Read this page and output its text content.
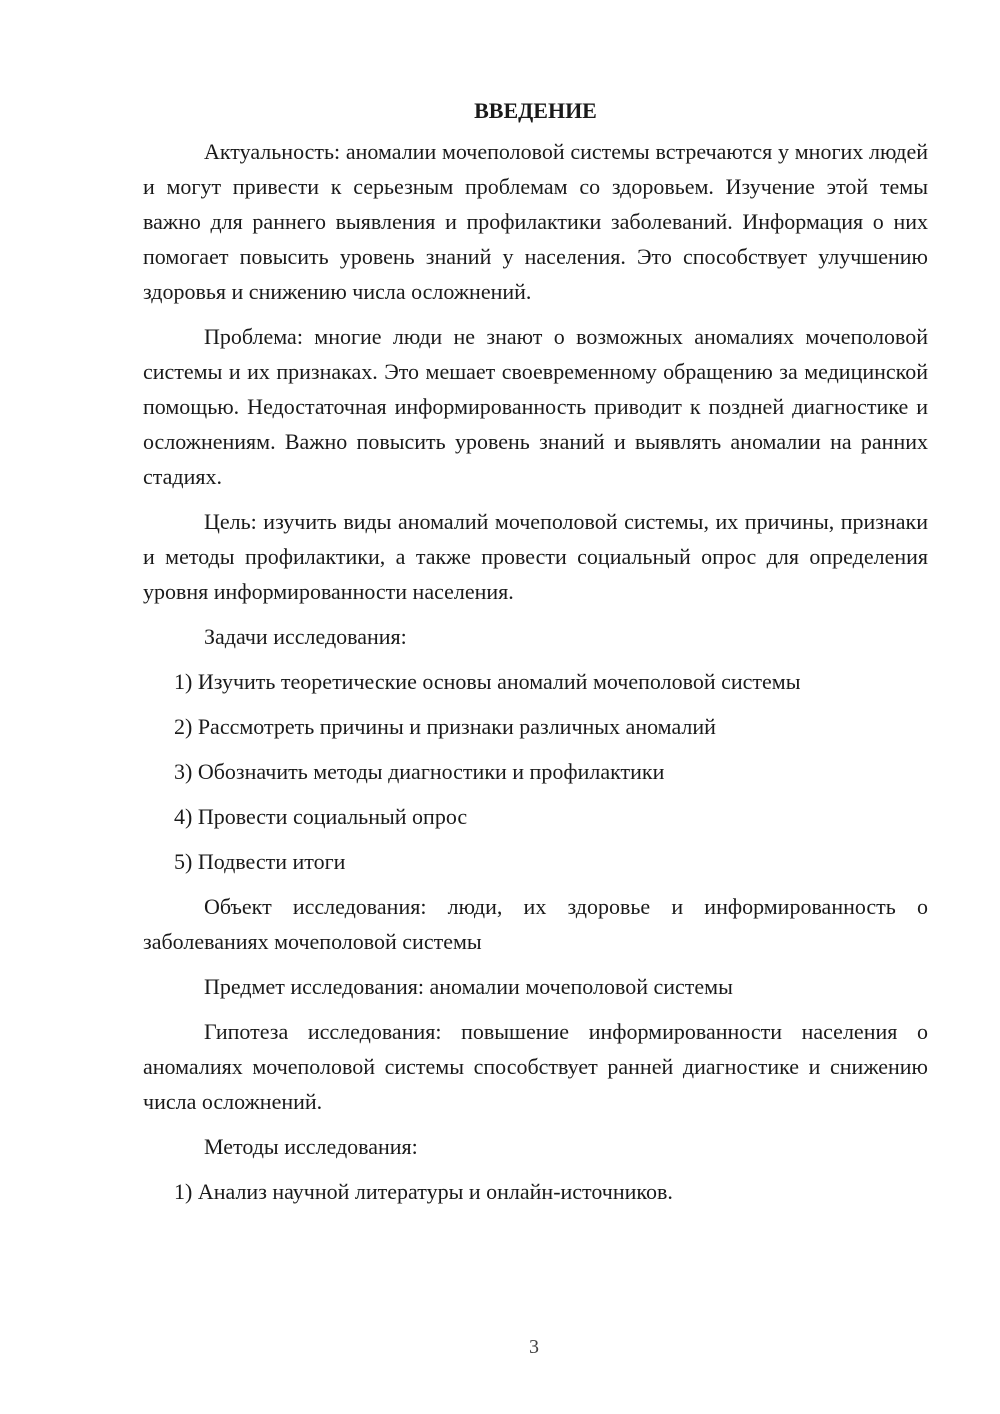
ВВЕДЕНИЕ

Актуальность: аномалии мочеполовой системы встречаются у многих людей и могут привести к серьезным проблемам со здоровьем. Изучение этой темы важно для раннего выявления и профилактики заболеваний. Информация о них помогает повысить уровень знаний у населения. Это способствует улучшению здоровья и снижению числа осложнений.

Проблема: многие люди не знают о возможных аномалиях мочеполовой системы и их признаках. Это мешает своевременному обращению за медицинской помощью. Недостаточная информированность приводит к поздней диагностике и осложнениям. Важно повысить уровень знаний и выявлять аномалии на ранних стадиях.

Цель: изучить виды аномалий мочеполовой системы, их причины, признаки и методы профилактики, а также провести социальный опрос для определения уровня информированности населения.

Задачи исследования:

1) Изучить теоретические основы аномалий мочеполовой системы
2) Рассмотреть причины и признаки различных аномалий
3) Обозначить методы диагностики и профилактики
4) Провести социальный опрос
5) Подвести итоги

Объект исследования: люди, их здоровье и информированность о заболеваниях мочеполовой системы

Предмет исследования: аномалии мочеполовой системы

Гипотеза исследования: повышение информированности населения о аномалиях мочеполовой системы способствует ранней диагностике и снижению числа осложнений.

Методы исследования:

1) Анализ научной литературы и онлайн-источников.
3
